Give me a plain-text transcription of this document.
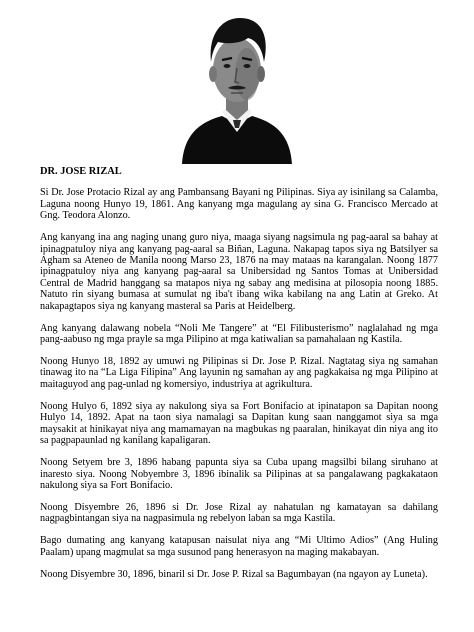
DR. JOSE RIZAL

Si Dr. Jose Protacio Rizal ay ang Pambansang Bayani ng Pilipinas. Siya ay isinilang sa Calamba, Laguna noong Hunyo 19, 1861. Ang kanyang mga magulang ay sina G. Francisco Mercado at Gng. Teodora Alonzo.

Ang kanyang ina ang naging unang guro niya, maaga siyang nagsimula ng pag-aaral sa bahay at ipinagpatuloy niya ang kanyang pag-aaral sa Biñan, Laguna. Nakapag tapos siya ng Batsilyer sa Agham sa Ateneo de Manila noong Marso 23, 1876 na may mataas na karangalan. Noong 1877 ipinagpatuloy niya ang kanyang pag-aaral sa Unibersidad ng Santos Tomas at Unibersidad Central de Madrid hanggang sa matapos niya ng sabay ang medisina at pilosopia noong 1885. Natuto rin siyang bumasa at sumulat ng iba't ibang wika kabilang na ang Latin at Greko. At nakapagtapos siya ng kanyang masteral sa Paris at Heidelberg.

Ang kanyang dalawang nobela “Noli Me Tangere” at “El Filibusterismo” naglalahad ng mga pang-aabuso ng mga prayle sa mga Pilipino at mga katiwalian sa pamahalaan ng Kastila.

Noong Hunyo 18, 1892 ay umuwi ng Pilipinas si Dr. Jose P. Rizal. Nagtatag siya ng samahan tinawag ito na “La Liga Filipina” Ang layunin ng samahan ay ang pagkakaisa ng mga Pilipino at maitaguyod ang pag-unlad ng komersiyo, industriya at agrikultura.

Noong Hulyo 6, 1892 siya ay nakulong siya sa Fort Bonifacio at ipinatapon sa Dapitan noong Hulyo 14, 1892. Apat na taon siya namalagi sa Dapitan kung saan nanggamot siya sa mga maysakit at hinikayat niya ang mamamayan na magbukas ng paaralan, hinikayat din niya ang ito sa pagpapaunlad ng kanilang kapaligaran.

Noong Setyem bre 3, 1896 habang papunta siya sa Cuba upang magsilbi bilang siruhano at inaresto siya. Noong Nobyembre 3, 1896 ibinalik sa Pilipinas at sa pangalawang pagkakataon nakulong siya sa Fort Bonifacio.

Noong Disyembre 26, 1896 si Dr. Jose Rizal ay nahatulan ng kamatayan sa dahilang nagpagbintangan siya na nagpasimula ng rebelyon laban sa mga Kastila.

Bago dumating ang kanyang katapusan naisulat niya ang “Mi Ultimo Adios” (Ang Huling Paalam) upang magmulat sa mga susunod pang henerasyon na maging makabayan.

Noong Disyembre 30, 1896, binaril si Dr. Jose P. Rizal sa Bagumbayan (na ngayon ay Luneta).
